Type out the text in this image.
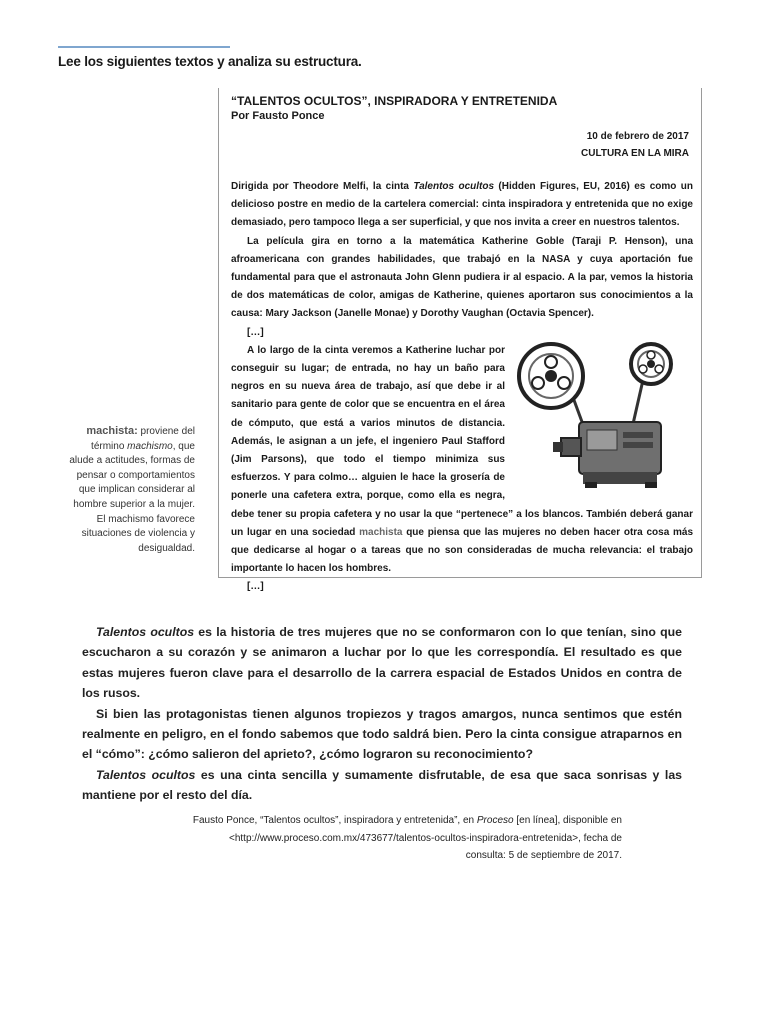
Lee los siguientes textos y analiza su estructura.
“TALENTOS OCULTOS”, INSPIRADORA Y ENTRETENIDA
Por Fausto Ponce
10 de febrero de 2017
CULTURA EN LA MIRA

Dirigida por Theodore Melfi, la cinta Talentos ocultos (Hidden Figures, EU, 2016) es como un delicioso postre en medio de la cartelera comercial: cinta inspiradora y entretenida que no exige demasiado, pero tampoco llega a ser superficial, y que nos invita a creer en nuestros talentos.

La película gira en torno a la matemática Katherine Goble (Taraji P. Henson), una afroamericana con grandes habilidades, que trabajó en la NASA y cuya aportación fue fundamental para que el astronauta John Glenn pudiera ir al espacio. A la par, vemos la historia de dos matemáticas de color, amigas de Katherine, quienes aportaron sus conocimientos a la causa: Mary Jackson (Janelle Monae) y Dorothy Vaughan (Octavia Spencer).

[…]

A lo largo de la cinta veremos a Katherine luchar por conseguir su lugar; de entrada, no hay un baño para negros en su nueva área de trabajo, así que debe ir al sanitario para gente de color que se encuentra en el área de cómputo, que está a varios minutos de distancia. Además, le asignan a un jefe, el ingeniero Paul Stafford (Jim Parsons), que todo el tiempo minimiza sus esfuerzos. Y para colmo… alguien le hace la grosería de ponerle una cafetera extra, porque, como ella es negra, debe tener su propia cafetera y no usar la que “pertenece” a los blancos. También deberá ganar un lugar en una sociedad machista que piensa que las mujeres no deben hacer otra cosa más que dedicarse al hogar o a tareas que no son consideradas de mucha relevancia: el trabajo importante lo hacen los hombres.

[…]

machista: proviene del término machismo, que alude a actitudes, formas de pensar o comportamientos que implican considerar al hombre superior a la mujer. El machismo favorece situaciones de violencia y desigualdad.

Talentos ocultos es la historia de tres mujeres que no se conformaron con lo que tenían, sino que escucharon a su corazón y se animaron a luchar por lo que les correspondía. El resultado es que estas mujeres fueron clave para el desarrollo de la carrera espacial de Estados Unidos en contra de los rusos.

Si bien las protagonistas tienen algunos tropiezos y tragos amargos, nunca sentimos que estén realmente en peligro, en el fondo sabemos que todo saldrá bien. Pero la cinta consigue atraparnos en el “cómo”: ¿cómo salieron del aprieto?, ¿cómo lograron su reconocimiento?

Talentos ocultos es una cinta sencilla y sumamente disfrutable, de esa que saca sonrisas y las mantiene por el resto del día.

Fausto Ponce, “Talentos ocultos”, inspiradora y entretenida”, en Proceso [en línea], disponible en <http://www.proceso.com.mx/473677/talentos-ocultos-inspiradora-entretenida>, fecha de consulta: 5 de septiembre de 2017.
